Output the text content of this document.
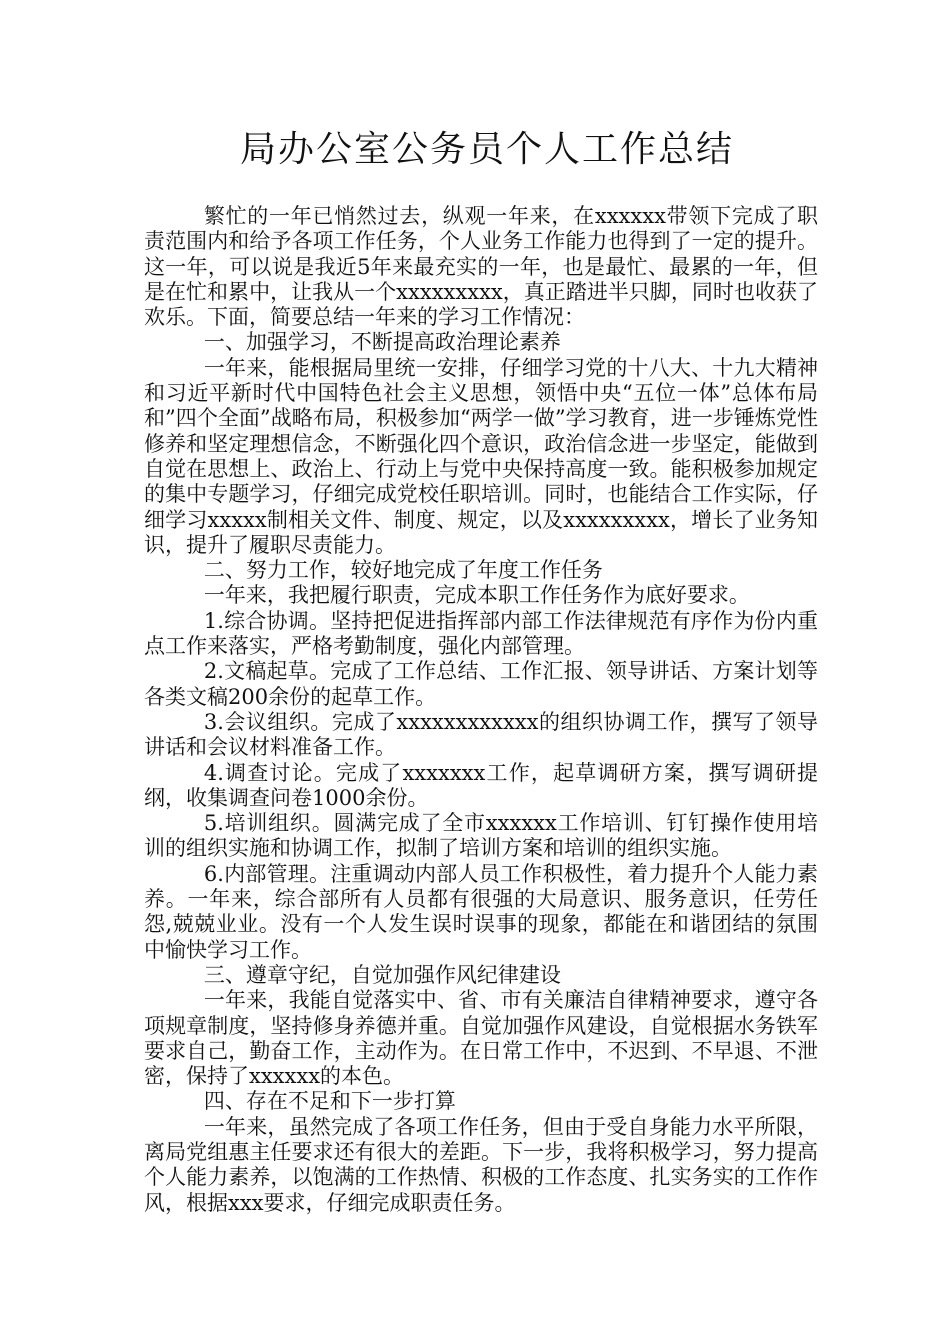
局办公室公务员个人工作总结

繁忙的一年已悄然过去，纵观一年来，在xxxxxx带领下完成了职责范围内和给予各项工作任务，个人业务工作能力也得到了一定的提升。这一年，可以说是我近5年来最充实的一年，也是最忙、最累的一年，但是在忙和累中，让我从一个xxxxxxxxx，真正踏进半只脚，同时也收获了欢乐。下面，简要总结一年来的学习工作情况：

一、加强学习，不断提高政治理论素养

一年来，能根据局里统一安排，仔细学习党的十八大、十九大精神和习近平新时代中国特色社会主义思想，领悟中央“五位一体”总体布局和”四个全面”战略布局，积极参加“两学一做”学习教育，进一步锤炼党性修养和坚定理想信念，不断强化四个意识，政治信念进一步坚定，能做到自觉在思想上、政治上、行动上与党中央保持高度一致。能积极参加规定的集中专题学习，仔细完成党校任职培训。同时，也能结合工作实际，仔细学习xxxxx制相关文件、制度、规定，以及xxxxxxxxx，增长了业务知识，提升了履职尽责能力。

二、努力工作，较好地完成了年度工作任务

一年来，我把履行职责，完成本职工作任务作为底好要求。

1.综合协调。坚持把促进指挥部内部工作法律规范有序作为份内重点工作来落实，严格考勤制度，强化内部管理。

2.文稿起草。完成了工作总结、工作汇报、领导讲话、方案计划等各类文稿200余份的起草工作。

3.会议组织。完成了xxxxxxxxxxxx的组织协调工作，撰写了领导讲话和会议材料准备工作。

4.调查讨论。完成了xxxxxxx工作，起草调研方案，撰写调研提纲，收集调查问卷1000余份。

5.培训组织。圆满完成了全市xxxxxx工作培训、钉钉操作使用培训的组织实施和协调工作，拟制了培训方案和培训的组织实施。

6.内部管理。注重调动内部人员工作积极性，着力提升个人能力素养。一年来，综合部所有人员都有很强的大局意识、服务意识，任劳任怨,兢兢业业。没有一个人发生误时误事的现象，都能在和谐团结的氛围中愉快学习工作。

三、遵章守纪，自觉加强作风纪律建设

一年来，我能自觉落实中、省、市有关廉洁自律精神要求，遵守各项规章制度，坚持修身养德并重。自觉加强作风建设，自觉根据水务铁军要求自己，勤奋工作，主动作为。在日常工作中，不迟到、不早退、不泄密，保持了xxxxxx的本色。

四、存在不足和下一步打算

一年来，虽然完成了各项工作任务，但由于受自身能力水平所限，离局党组惠主任要求还有很大的差距。下一步，我将积极学习，努力提高个人能力素养，以饱满的工作热情、积极的工作态度、扎实务实的工作作风，根据xxx要求，仔细完成职责任务。
